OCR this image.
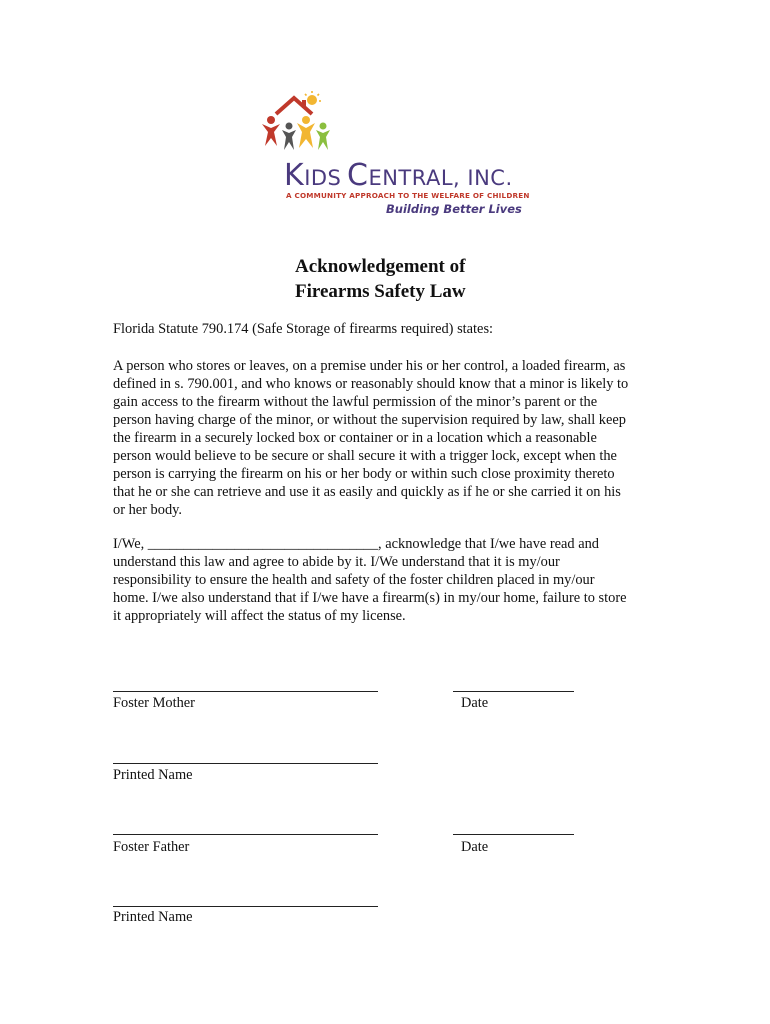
KIDS CENTRAL, INC.
A COMMUNITY APPROACH TO THE WELFARE OF CHILDREN
Building Better Lives
Acknowledgement of
Firearms Safety Law
Florida Statute 790.174 (Safe Storage of firearms required) states:
A person who stores or leaves, on a premise under his or her control, a loaded firearm, as
defined in s. 790.001, and who knows or reasonably should know that a minor is likely to
gain access to the firearm without the lawful permission of the minor’s parent or the
person having charge of the minor, or without the supervision required by law, shall keep
the firearm in a securely locked box or container or in a location which a reasonable
person would believe to be secure or shall secure it with a trigger lock, except when the
person is carrying the firearm on his or her body or within such close proximity thereto
that he or she can retrieve and use it as easily and quickly as if he or she carried it on his
or her body.
I/We, ________________________________, acknowledge that I/we have read and
understand this law and agree to abide by it. I/We understand that it is my/our
responsibility to ensure the health and safety of the foster children placed in my/our
home. I/we also understand that if I/we have a firearm(s) in my/our home, failure to store
it appropriately will affect the status of my license.
Foster Mother	Date
Printed Name
Foster Father	Date
Printed Name
